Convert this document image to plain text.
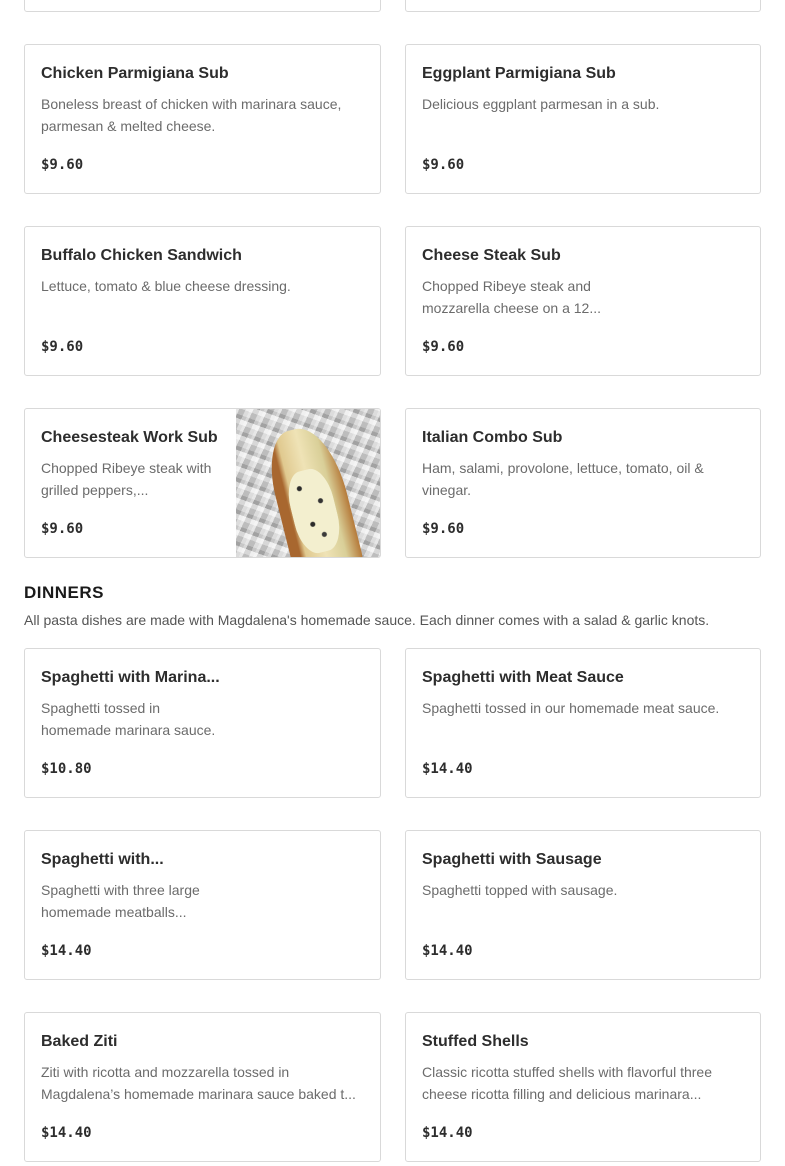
Chicken Parmigiana Sub
Boneless breast of chicken with marinara sauce,
parmesan & melted cheese.
$9.60
Eggplant Parmigiana Sub
Delicious eggplant parmesan in a sub.
$9.60
Buffalo Chicken Sandwich
Lettuce, tomato & blue cheese dressing.
$9.60
Cheese Steak Sub
Chopped Ribeye steak and
mozzarella cheese on a 12...
$9.60
Cheesesteak Work Sub
Chopped Ribeye steak with
grilled peppers,...
$9.60
Italian Combo Sub
Ham, salami, provolone, lettuce, tomato, oil &
vinegar.
$9.60
DINNERS
All pasta dishes are made with Magdalena's homemade sauce. Each dinner comes with a salad & garlic knots.
Spaghetti with Marina...
Spaghetti tossed in
homemade marinara sauce.
$10.80
Spaghetti with Meat Sauce
Spaghetti tossed in our homemade meat sauce.
$14.40
Spaghetti with...
Spaghetti with three large
homemade meatballs...
$14.40
Spaghetti with Sausage
Spaghetti topped with sausage.
$14.40
Baked Ziti
Ziti with ricotta and mozzarella tossed in
Magdalena’s homemade marinara sauce baked t...
$14.40
Stuffed Shells
Classic ricotta stuffed shells with flavorful three
cheese ricotta filling and delicious marinara...
$14.40
